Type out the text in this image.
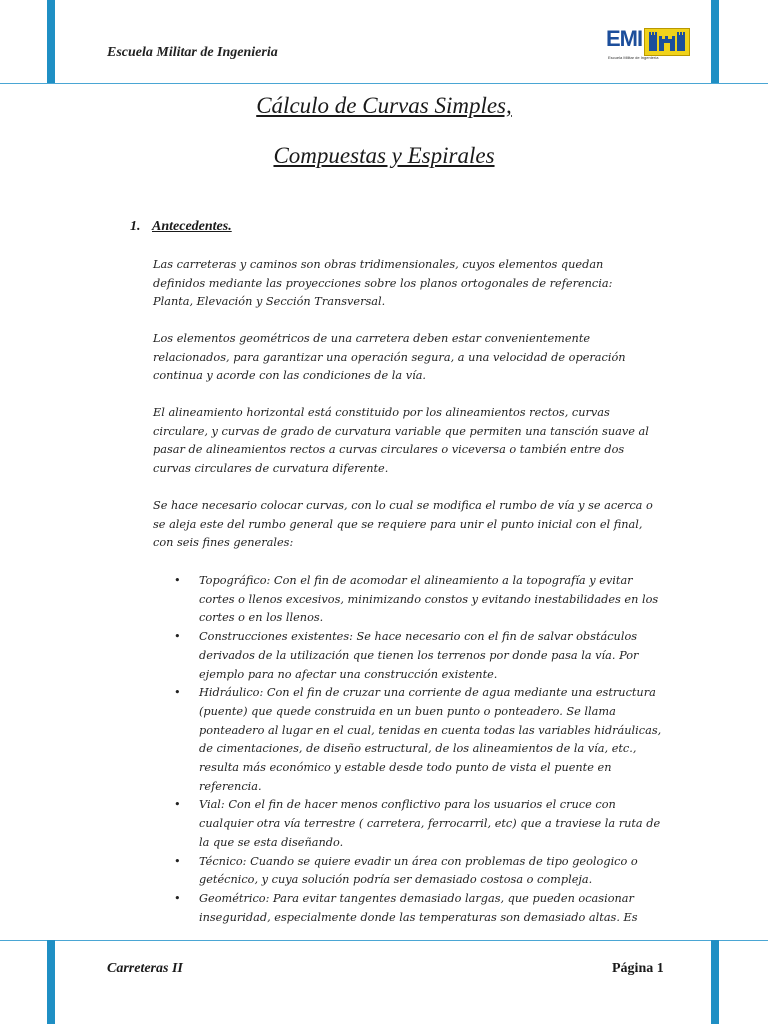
Escuela Militar de Ingenieria
EMI
Escuela Militar de Ingeniería
Cálculo de Curvas Simples,
Compuestas y Espirales
1. Antecedentes.
Las carreteras y caminos son obras tridimensionales, cuyos elementos quedan definidos mediante las proyecciones sobre los planos ortogonales de referencia: Planta, Elevación y Sección Transversal.
Los elementos geométricos de una carretera deben estar convenientemente relacionados, para garantizar una operación segura, a una velocidad de operación continua y acorde con las condiciones de la vía.
El alineamiento horizontal está constituido por los alineamientos rectos, curvas circulare, y curvas de grado de curvatura variable que permiten una tansción suave al pasar de alineamientos rectos a curvas circulares o viceversa o también entre dos curvas circulares de curvatura diferente.
Se hace necesario colocar curvas, con lo cual se modifica el rumbo de vía y se acerca o se aleja este del rumbo general que se requiere para unir el punto inicial con el final, con seis fines generales:
• Topográfico: Con el fin de acomodar el alineamiento a la topografía y evitar cortes o llenos excesivos, minimizando constos y evitando inestabilidades en los cortes o en los llenos.
• Construcciones existentes: Se hace necesario con el fin de salvar obstáculos derivados de la utilización que tienen los terrenos por donde pasa la vía. Por ejemplo para no afectar una construcción existente.
• Hidráulico: Con el fin de cruzar una corriente de agua mediante una estructura (puente) que quede construida en un buen punto o ponteadero. Se llama ponteadero al lugar en el cual, tenidas en cuenta todas las variables hidráulicas, de cimentaciones, de diseño estructural, de los alineamientos de la vía, etc., resulta más económico y estable desde todo punto de vista el puente en referencia.
• Vial: Con el fin de hacer menos conflictivo para los usuarios el cruce con cualquier otra vía terrestre ( carretera, ferrocarril, etc) que a traviese la ruta de la que se esta diseñando.
• Técnico: Cuando se quiere evadir un área con problemas de tipo geologico o getécnico, y cuya solución podría ser demasiado costosa o compleja.
• Geométrico: Para evitar tangentes demasiado largas, que pueden ocasionar inseguridad, especialmente donde las temperaturas son demasiado altas. Es
Carreteras II	Página 1
